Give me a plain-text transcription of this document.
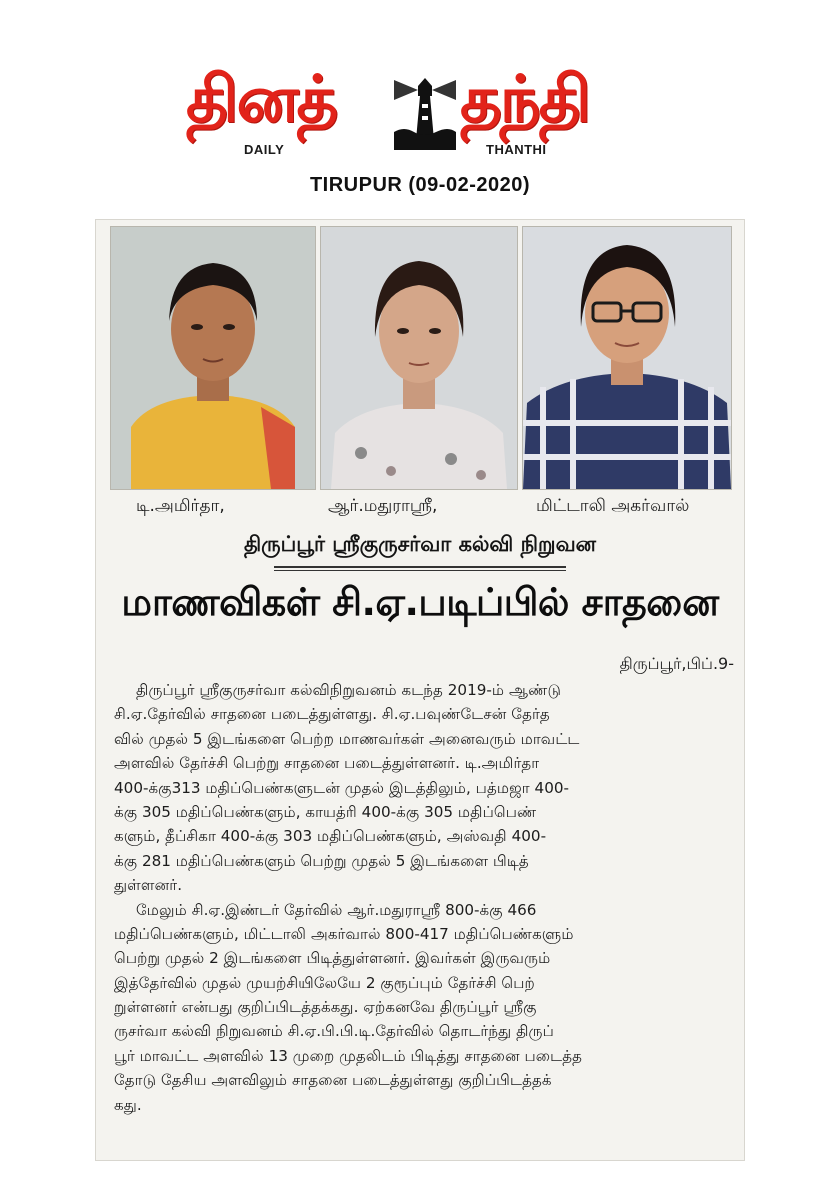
தினத் தந்தி
DAILY	THANTHI
TIRUPUR (09-02-2020)
டி.அமிர்தா,	ஆர்.மதுராஸ்ரீ,	மிட்டாலி அகர்வால்
திருப்பூர் ஸ்ரீகுருசர்வா கல்வி நிறுவன
மாணவிகள் சி.ஏ.படிப்பில் சாதனை
திருப்பூர்,பிப்.9-
திருப்பூர் ஸ்ரீகுருசர்வா கல்விநிறுவனம் கடந்த 2019-ம் ஆண்டு
சி.ஏ.தேர்வில் சாதனை படைத்துள்ளது. சி.ஏ.பவுண்டேசன் தேர்த
வில் முதல் 5 இடங்களை பெற்ற மாணவர்கள் அனைவரும் மாவட்ட
அளவில் தேர்ச்சி பெற்று சாதனை படைத்துள்ளனர். டி.அமிர்தா
400-க்கு313 மதிப்பெண்களுடன் முதல் இடத்திலும், பத்மஜா 400-
க்கு 305 மதிப்பெண்களும், காயத்ரி 400-க்கு 305 மதிப்பெண்
களும், தீப்சிகா 400-க்கு 303 மதிப்பெண்களும், அஸ்வதி 400-
க்கு 281 மதிப்பெண்களும் பெற்று முதல் 5 இடங்களை பிடித்
துள்ளனர்.
மேலும் சி.ஏ.இண்டர் தேர்வில் ஆர்.மதுராஸ்ரீ 800-க்கு 466
மதிப்பெண்களும், மிட்டாலி அகர்வால் 800-417 மதிப்பெண்களும்
பெற்று முதல் 2 இடங்களை பிடித்துள்ளனர். இவர்கள் இருவரும்
இத்தேர்வில் முதல் முயற்சியிலேயே 2 குரூப்பும் தேர்ச்சி பெற்
றுள்ளனர் என்பது குறிப்பிடத்தக்கது. ஏற்கனவே திருப்பூர் ஸ்ரீகு
ருசர்வா கல்வி நிறுவனம் சி.ஏ.பி.பி.டி.தேர்வில் தொடர்ந்து திருப்
பூர் மாவட்ட அளவில் 13 முறை முதலிடம் பிடித்து சாதனை படைத்த
தோடு தேசிய அளவிலும் சாதனை படைத்துள்ளது குறிப்பிடத்தக்
கது.
